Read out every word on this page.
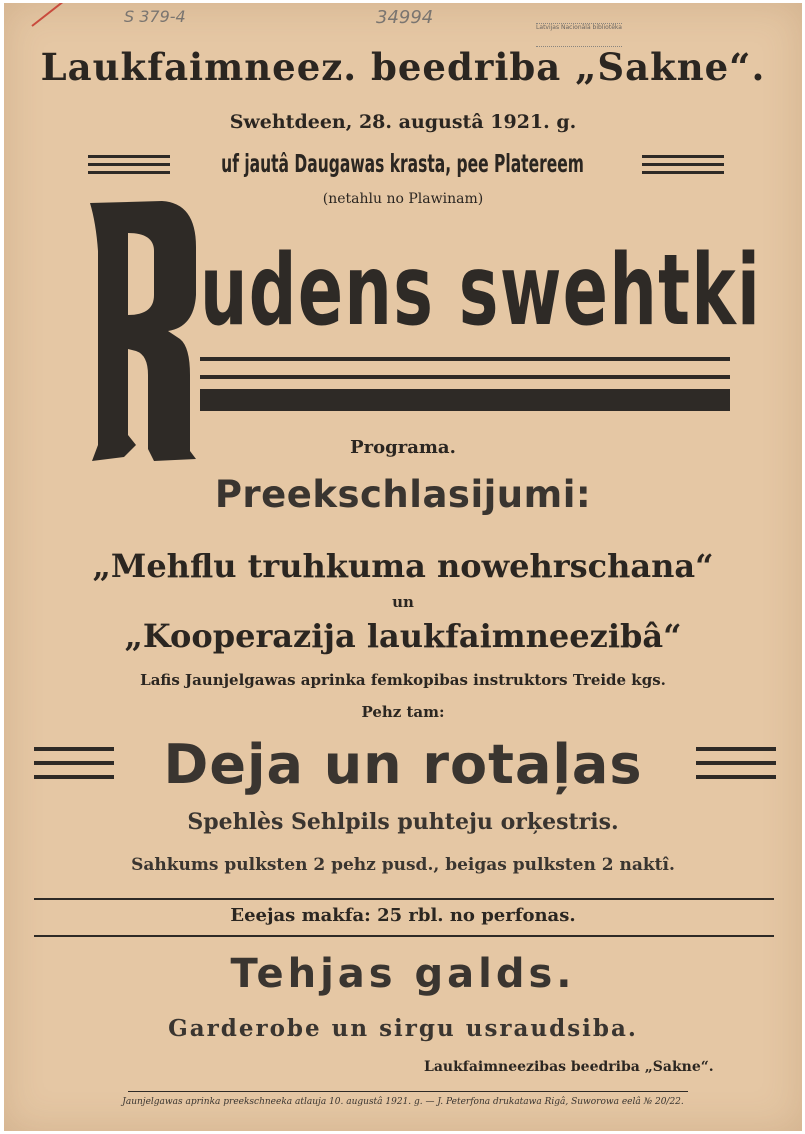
S 379-4	34994	Latvijas Nacionālā bibliotēka
Laukfaimneez. beedriba „Sakne“.
Swehtdeen, 28. augustâ 1921. g.
uf jautâ Daugawas krasta, pee Platereem
(netahlu no Plawinam)
udens swehtki
Programa.
Preekschlasijumi:
„Mehflu truhkuma nowehrschana“
un
„Kooperazija laukfaimneezibâ“
Lafis Jaunjelgawas aprinka femkopibas instruktors Treide kgs.
Pehz tam:
Deja un rotaļas
Spehlès Sehlpils puhteju orķestris.
Sahkums pulksten 2 pehz pusd., beigas pulksten 2 naktî.
Eeejas makfa: 25 rbl. no perfonas.
Tehjas galds.
Garderobe un sirgu usraudsiba.
Laukfaimneezibas beedriba „Sakne“.
Jaunjelgawas aprinka preekschneeka atlauja 10. augustâ 1921. g. — J. Peterfona drukatawa Rigâ, Suworowa eelâ № 20/22.
